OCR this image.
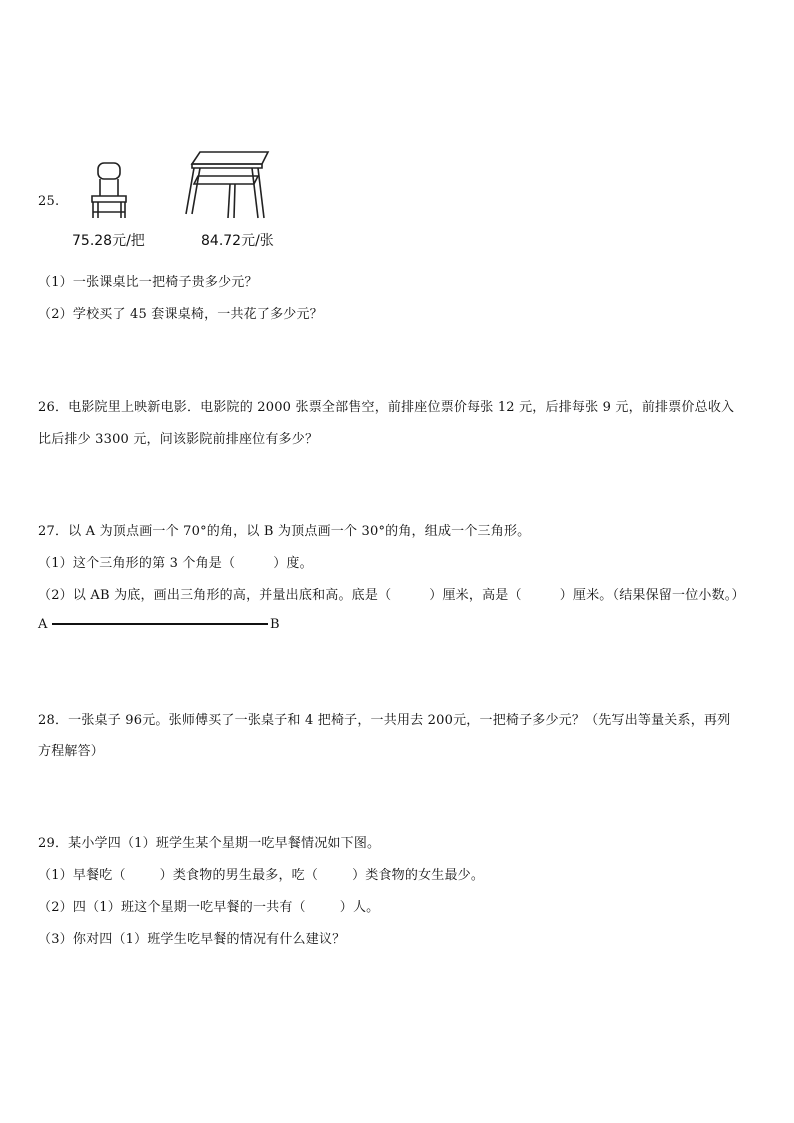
25.
75.28元/把	84.72元/张
（1）一张课桌比一把椅子贵多少元？
（2）学校买了 45 套课桌椅，一共花了多少元？
26．电影院里上映新电影．电影院的 2000 张票全部售空，前排座位票价每张 12 元，后排每张 9 元，前排票价总收入
比后排少 3300 元，问该影院前排座位有多少？
27．以 A 为顶点画一个 70°的角，以 B 为顶点画一个 30°的角，组成一个三角形。
（1）这个三角形的第 3 个角是（	）度。
（2）以 AB 为底，画出三角形的高，并量出底和高。底是（	）厘米，高是（	）厘米。（结果保留一位小数。）
A	B
28．一张桌子 96元。张师傅买了一张桌子和 4 把椅子，一共用去 200元，一把椅子多少元？（先写出等量关系，再列
方程解答）
29．某小学四（1）班学生某个星期一吃早餐情况如下图。
（1）早餐吃（	）类食物的男生最多，吃（	）类食物的女生最少。
（2）四（1）班这个星期一吃早餐的一共有（	）人。
（3）你对四（1）班学生吃早餐的情况有什么建议？
